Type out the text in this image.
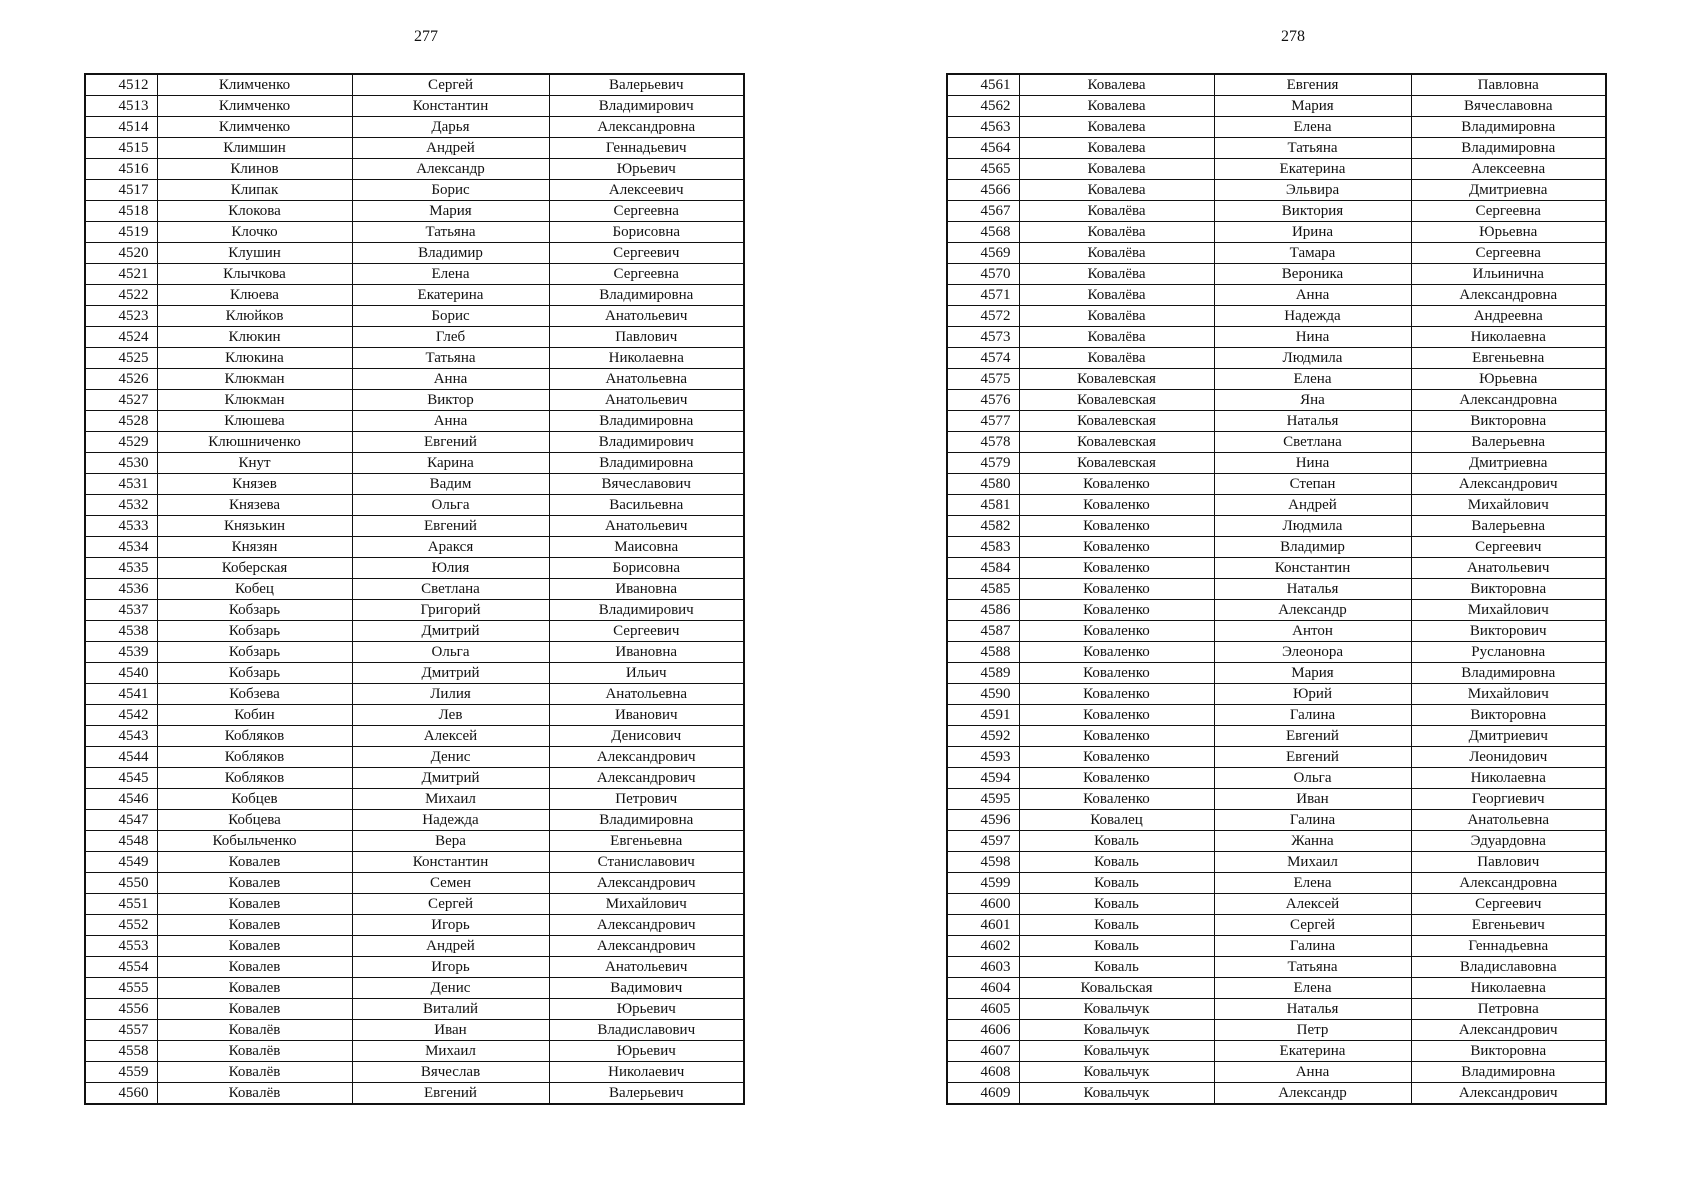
277	278
4512	Климченко	Сергей	Валерьевич
4513	Климченко	Константин	Владимирович
4514	Климченко	Дарья	Александровна
4515	Климшин	Андрей	Геннадьевич
4516	Клинов	Александр	Юрьевич
4517	Клипак	Борис	Алексеевич
4518	Клокова	Мария	Сергеевна
4519	Клочко	Татьяна	Борисовна
4520	Клушин	Владимир	Сергеевич
4521	Клычкова	Елена	Сергеевна
4522	Клюева	Екатерина	Владимировна
4523	Клюйков	Борис	Анатольевич
4524	Клюкин	Глеб	Павлович
4525	Клюкина	Татьяна	Николаевна
4526	Клюкман	Анна	Анатольевна
4527	Клюкман	Виктор	Анатольевич
4528	Клюшева	Анна	Владимировна
4529	Клюшниченко	Евгений	Владимирович
4530	Кнут	Карина	Владимировна
4531	Князев	Вадим	Вячеславович
4532	Князева	Ольга	Васильевна
4533	Князькин	Евгений	Анатольевич
4534	Князян	Аракся	Маисовна
4535	Коберская	Юлия	Борисовна
4536	Кобец	Светлана	Ивановна
4537	Кобзарь	Григорий	Владимирович
4538	Кобзарь	Дмитрий	Сергеевич
4539	Кобзарь	Ольга	Ивановна
4540	Кобзарь	Дмитрий	Ильич
4541	Кобзева	Лилия	Анатольевна
4542	Кобин	Лев	Иванович
4543	Кобляков	Алексей	Денисович
4544	Кобляков	Денис	Александрович
4545	Кобляков	Дмитрий	Александрович
4546	Кобцев	Михаил	Петрович
4547	Кобцева	Надежда	Владимировна
4548	Кобыльченко	Вера	Евгеньевна
4549	Ковалев	Константин	Станиславович
4550	Ковалев	Семен	Александрович
4551	Ковалев	Сергей	Михайлович
4552	Ковалев	Игорь	Александрович
4553	Ковалев	Андрей	Александрович
4554	Ковалев	Игорь	Анатольевич
4555	Ковалев	Денис	Вадимович
4556	Ковалев	Виталий	Юрьевич
4557	Ковалёв	Иван	Владиславович
4558	Ковалёв	Михаил	Юрьевич
4559	Ковалёв	Вячеслав	Николаевич
4560	Ковалёв	Евгений	Валерьевич
4561	Ковалева	Евгения	Павловна
4562	Ковалева	Мария	Вячеславовна
4563	Ковалева	Елена	Владимировна
4564	Ковалева	Татьяна	Владимировна
4565	Ковалева	Екатерина	Алексеевна
4566	Ковалева	Эльвира	Дмитриевна
4567	Ковалёва	Виктория	Сергеевна
4568	Ковалёва	Ирина	Юрьевна
4569	Ковалёва	Тамара	Сергеевна
4570	Ковалёва	Вероника	Ильинична
4571	Ковалёва	Анна	Александровна
4572	Ковалёва	Надежда	Андреевна
4573	Ковалёва	Нина	Николаевна
4574	Ковалёва	Людмила	Евгеньевна
4575	Ковалевская	Елена	Юрьевна
4576	Ковалевская	Яна	Александровна
4577	Ковалевская	Наталья	Викторовна
4578	Ковалевская	Светлана	Валерьевна
4579	Ковалевская	Нина	Дмитриевна
4580	Коваленко	Степан	Александрович
4581	Коваленко	Андрей	Михайлович
4582	Коваленко	Людмила	Валерьевна
4583	Коваленко	Владимир	Сергеевич
4584	Коваленко	Константин	Анатольевич
4585	Коваленко	Наталья	Викторовна
4586	Коваленко	Александр	Михайлович
4587	Коваленко	Антон	Викторович
4588	Коваленко	Элеонора	Руслановна
4589	Коваленко	Мария	Владимировна
4590	Коваленко	Юрий	Михайлович
4591	Коваленко	Галина	Викторовна
4592	Коваленко	Евгений	Дмитриевич
4593	Коваленко	Евгений	Леонидович
4594	Коваленко	Ольга	Николаевна
4595	Коваленко	Иван	Георгиевич
4596	Ковалец	Галина	Анатольевна
4597	Коваль	Жанна	Эдуардовна
4598	Коваль	Михаил	Павлович
4599	Коваль	Елена	Александровна
4600	Коваль	Алексей	Сергеевич
4601	Коваль	Сергей	Евгеньевич
4602	Коваль	Галина	Геннадьевна
4603	Коваль	Татьяна	Владиславовна
4604	Ковальская	Елена	Николаевна
4605	Ковальчук	Наталья	Петровна
4606	Ковальчук	Петр	Александрович
4607	Ковальчук	Екатерина	Викторовна
4608	Ковальчук	Анна	Владимировна
4609	Ковальчук	Александр	Александрович
